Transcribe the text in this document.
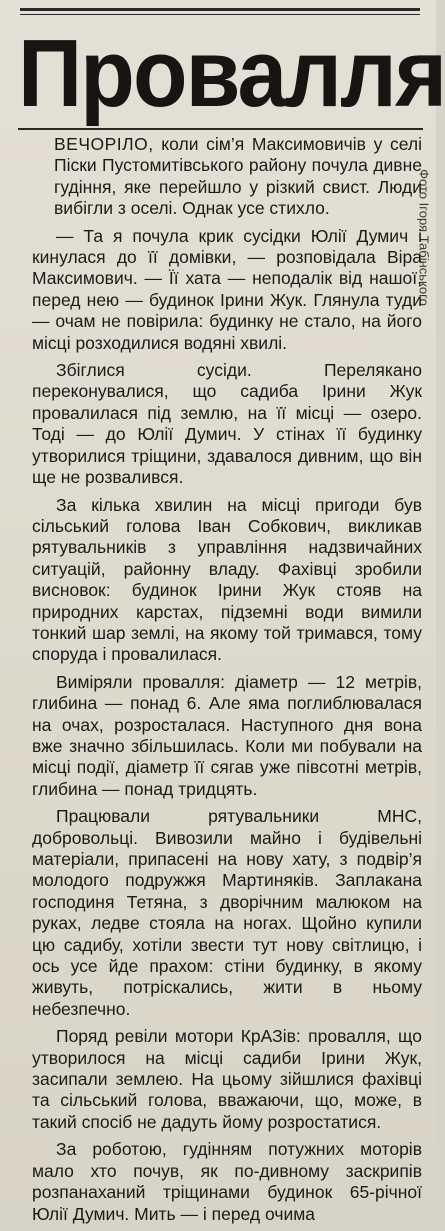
Провалля
Фото Ігоря Табінського

ВЕЧОРІЛО, коли сім’я Максимовичів у селі Піски Пустомитівського району почула дивне гудіння, яке перейшло у різкий свист. Люди вибігли з оселі. Однак усе стихло.

— Та я почула крик сусідки Юлії Думич і кинулася до її домівки, — розповідала Віра Максимович. — Її хата — неподалік від нашої, перед нею — будинок Ірини Жук. Глянула туди — очам не повірила: будинку не стало, на його місці розходилися водяні хвилі.

Збіглися сусіди. Перелякано переконувалися, що садиба Ірини Жук провалилася під землю, на її місці — озеро. Тоді — до Юлії Думич. У стінах її будинку утворилися тріщини, здавалося дивним, що він ще не розвалився.

За кілька хвилин на місці пригоди був сільський голова Іван Собкович, викликав рятувальників з управління надзвичайних ситуацій, районну владу. Фахівці зробили висновок: будинок Ірини Жук стояв на природних карстах, підземні води вимили тонкий шар землі, на якому той тримався, тому споруда і провалилася.

Виміряли провалля: діаметр — 12 метрів, глибина — понад 6. Але яма поглиблювалася на очах, розросталася. Наступного дня вона вже значно збільшилась. Коли ми побували на місці події, діаметр її сягав уже півсотні метрів, глибина — понад тридцять.

Працювали рятувальники МНС, добровольці. Вивозили майно і будівельні матеріали, припасені на нову хату, з подвір’я молодого подружжя Мартиняків. Заплакана господиня Тетяна, з дворічним малюком на руках, ледве стояла на ногах. Щойно купили цю садибу, хотіли звести тут нову світлицю, і ось усе йде прахом: стіни будинку, в якому живуть, потріскались, жити в ньому небезпечно.

Поряд ревіли мотори КрАЗів: провалля, що утворилося на місці садиби Ірини Жук, засипали землею. На цьому зійшлися фахівці та сільський голова, вважаючи, що, може, в такий спосіб не дадуть йому розростатися.

За роботою, гудінням потужних моторів мало хто почув, як по-дивному заскрипів розпанаханий тріщинами будинок 65-річної Юлії Думич. Мить — і перед очима
